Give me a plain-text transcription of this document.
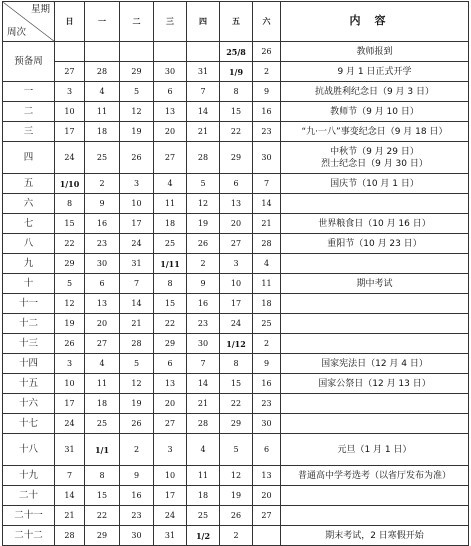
星期
周次	日	一	二	三	四	五	六	内容
预备周						25/8	26	教师报到
	27	28	29	30	31	1/9	2	9 月 1 日正式开学
一	3	4	5	6	7	8	9	抗战胜利纪念日（9 月 3 日）
二	10	11	12	13	14	15	16	教师节（9 月 10 日）
三	17	18	19	20	21	22	23	“九·一八”事变纪念日（9 月 18 日）
四	24	25	26	27	28	29	30	中秋节（9 月 29 日）
烈士纪念日（9 月 30 日）
五	1/10	2	3	4	5	6	7	国庆节（10 月 1 日）
六	8	9	10	11	12	13	14	
七	15	16	17	18	19	20	21	世界粮食日（10 月 16 日）
八	22	23	24	25	26	27	28	重阳节（10 月 23 日）
九	29	30	31	1/11	2	3	4	
十	5	6	7	8	9	10	11	期中考试
十一	12	13	14	15	16	17	18	
十二	19	20	21	22	23	24	25	
十三	26	27	28	29	30	1/12	2	
十四	3	4	5	6	7	8	9	国家宪法日（12 月 4 日）
十五	10	11	12	13	14	15	16	国家公祭日（12 月 13 日）
十六	17	18	19	20	21	22	23	
十七	24	25	26	27	28	29	30	
十八	31	1/1	2	3	4	5	6	元旦（1 月 1 日）
十九	7	8	9	10	11	12	13	普通高中学考选考（以省厅发布为准）
二十	14	15	16	17	18	19	20	
二十一	21	22	23	24	25	26	27	
二十二	28	29	30	31	1/2	2		期末考试，2 日寒假开始
